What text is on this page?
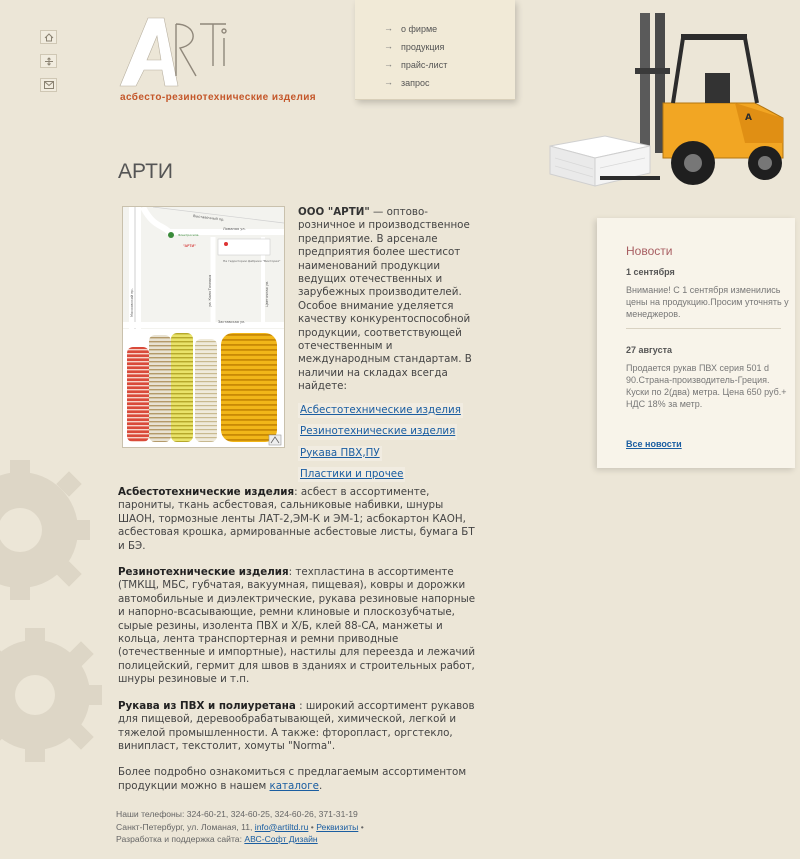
асбесто-резинотехнические изделия
→ о фирме
→ продукция
→ прайс-лист
→ запрос
A
АРТИ
"АРТИ"
На территории фабрики "Виктория"
Электросила
Выставочный пр.
Ломаная ул.
Заставская ул.
ул. Коли Томчака	Цветочная ул.
Московский пр.

ООО "АРТИ" — оптово-розничное и производственное предприятие. В арсенале предприятия более шестисот наименований продукции ведущих отечественных и зарубежных производителей. Особое внимание уделяется качеству конкурентоспособной продукции, соответствующей отечественным и международным стандартам. В наличии на складах всегда найдете:

Асбестотехнические изделия
Резинотехнические изделия
Рукава ПВХ,ПУ
Пластики и прочее
Новости
1 сентября
Внимание! С 1 сентября изменились цены на продукцию.Просим уточнять у менеджеров.
27 августа
Продается рукав ПВХ серия 501 d 90.Страна-производитель-Греция. Куски по 2(два) метра. Цена 650 руб.+ НДС 18% за метр.
Все новости

Асбестотехнические изделия: асбест в ассортименте, парониты, ткань асбестовая, сальниковые набивки, шнуры ШАОН, тормозные ленты ЛАТ-2,ЭМ-К и ЭМ-1; асбокартон КАОН, асбестовая крошка, армированные асбестовые листы, бумага БТ и БЭ.

Резинотехнические изделия: техпластина в ассортименте (ТМКЩ, МБС, губчатая, вакуумная, пищевая), ковры и дорожки автомобильные и диэлектрические, рукава резиновые напорные и напорно-всасывающие, ремни клиновые и плоскозубчатые, сырые резины, изолента ПВХ и Х/Б, клей 88-СА, манжеты и кольца, лента транспортерная и ремни приводные (отечественные и импортные), настилы для переезда и лежачий полицейский, гермит для швов в зданиях и строительных работ, шнуры резиновые и т.п.

Рукава из ПВХ и полиуретана : широкий ассортимент рукавов для пищевой, деревообрабатывающей, химической, легкой и тяжелой промышленности. А также: фторопласт, оргстекло, винипласт, текстолит, хомуты "Norma".

Более подробно ознакомиться с предлагаемым ассортиментом продукции можно в нашем каталоге.

Наши телефоны: 324-60-21, 324-60-25, 324-60-26, 371-31-19
Санкт-Петербург, ул. Ломаная, 11, info@artiltd.ru • Реквизиты •
Разработка и поддержка сайта: АВС-Софт Дизайн
